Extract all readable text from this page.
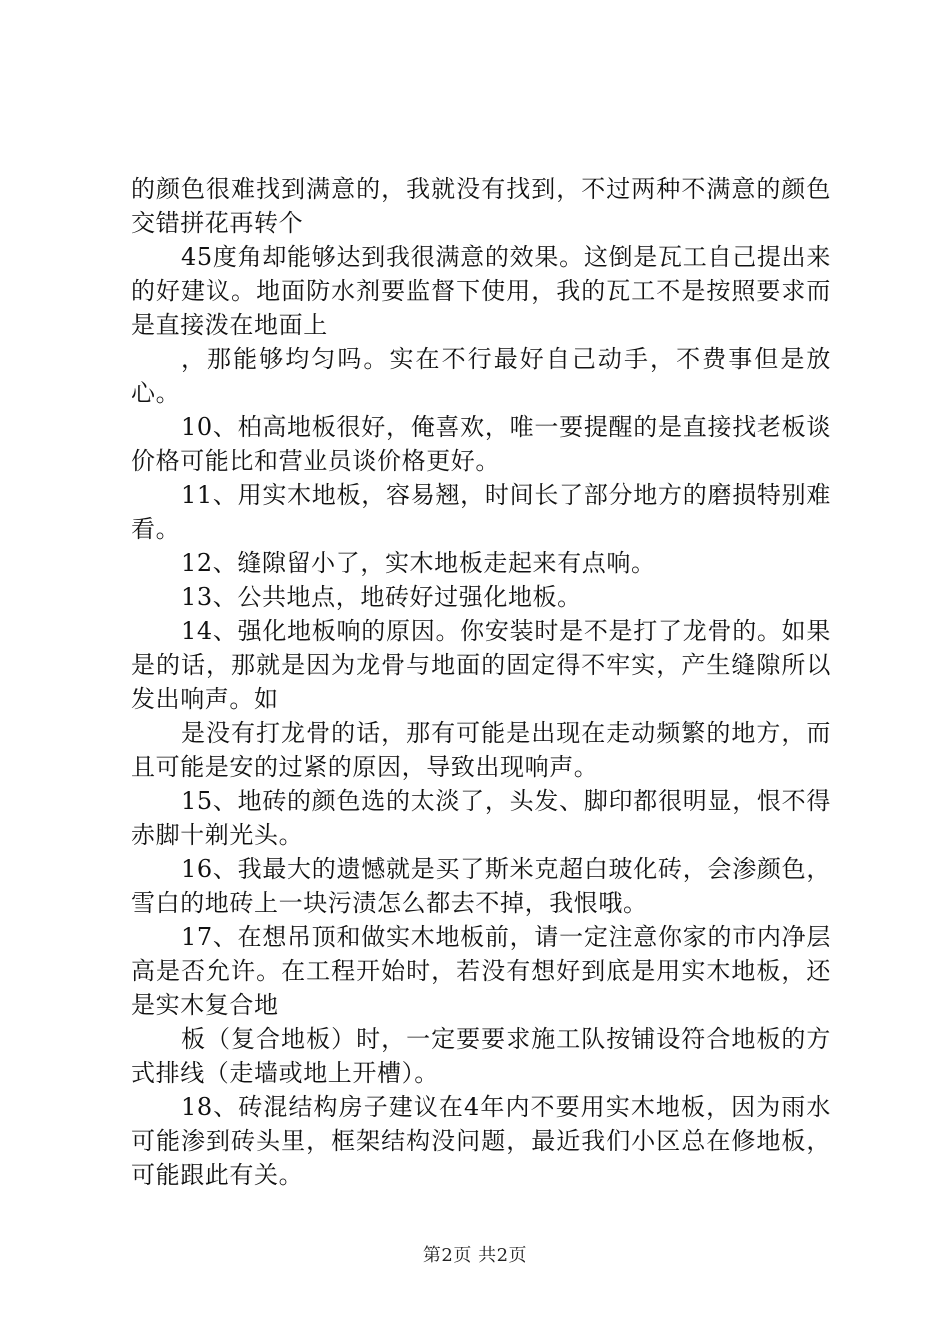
的颜色很难找到满意的，我就没有找到，不过两种不满意的颜色交错拼花再转个

45度角却能够达到我很满意的效果。这倒是瓦工自己提出来的好建议。地面防水剂要监督下使用，我的瓦工不是按照要求而是直接泼在地面上

，那能够均匀吗。实在不行最好自己动手，不费事但是放心。

10、柏高地板很好，俺喜欢，唯一要提醒的是直接找老板谈价格可能比和营业员谈价格更好。

11、用实木地板，容易翘，时间长了部分地方的磨损特别难看。

12、缝隙留小了，实木地板走起来有点响。

13、公共地点，地砖好过强化地板。

14、强化地板响的原因。你安装时是不是打了龙骨的。如果是的话，那就是因为龙骨与地面的固定得不牢实，产生缝隙所以发出响声。如

是没有打龙骨的话，那有可能是出现在走动频繁的地方，而且可能是安的过紧的原因，导致出现响声。

15、地砖的颜色选的太淡了，头发、脚印都很明显，恨不得赤脚十剃光头。

16、我最大的遗憾就是买了斯米克超白玻化砖，会渗颜色，雪白的地砖上一块污渍怎么都去不掉，我恨哦。

17、在想吊顶和做实木地板前，请一定注意你家的市内净层高是否允许。在工程开始时，若没有想好到底是用实木地板，还是实木复合地

板（复合地板）时，一定要要求施工队按铺设符合地板的方式排线（走墙或地上开槽）。

18、砖混结构房子建议在4年内不要用实木地板，因为雨水可能渗到砖头里，框架结构没问题，最近我们小区总在修地板，可能跟此有关。

第2页 共2页
